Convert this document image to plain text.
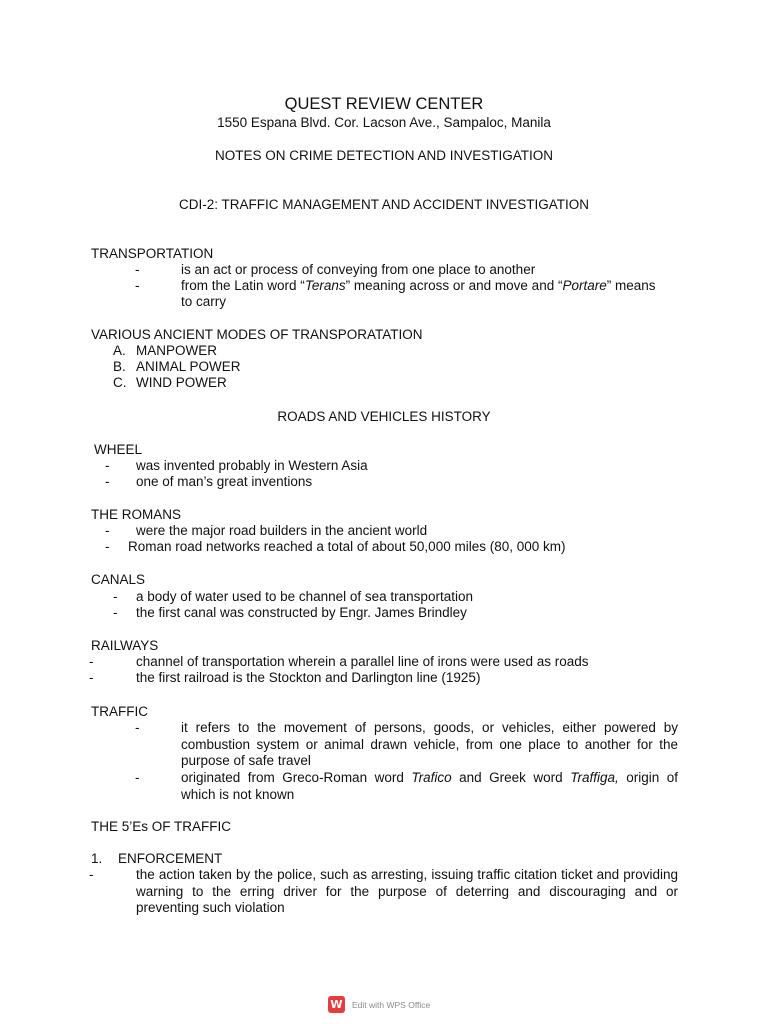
QUEST REVIEW CENTER
1550 Espana Blvd. Cor. Lacson Ave., Sampaloc, Manila
NOTES ON CRIME DETECTION AND INVESTIGATION
CDI-2: TRAFFIC MANAGEMENT AND ACCIDENT INVESTIGATION
TRANSPORTATION
-	is an act or process of conveying from one place to another
-	from the Latin word “Terans” meaning across or and move and “Portare” means
to carry
VARIOUS ANCIENT MODES OF TRANSPORATATION
A. MANPOWER
B. ANIMAL POWER
C. WIND POWER
ROADS AND VEHICLES HISTORY
WHEEL
- was invented probably in Western Asia
- one of man’s great inventions
THE ROMANS
- were the major road builders in the ancient world
- Roman road networks reached a total of about 50,000 miles (80, 000 km)
CANALS
- a body of water used to be channel of sea transportation
- the first canal was constructed by Engr. James Brindley
RAILWAYS
-	channel of transportation wherein a parallel line of irons were used as roads
-	the first railroad is the Stockton and Darlington line (1925)
TRAFFIC
-	it refers to the movement of persons, goods, or vehicles, either powered by combustion system or animal drawn vehicle, from one place to another for the purpose of safe travel
-	originated from Greco-Roman word Trafico and Greek word Traffiga, origin of which is not known
THE 5’Es OF TRAFFIC
1. ENFORCEMENT
-	the action taken by the police, such as arresting, issuing traffic citation ticket and providing warning to the erring driver for the purpose of deterring and discouraging and or preventing such violation
W Edit with WPS Office
